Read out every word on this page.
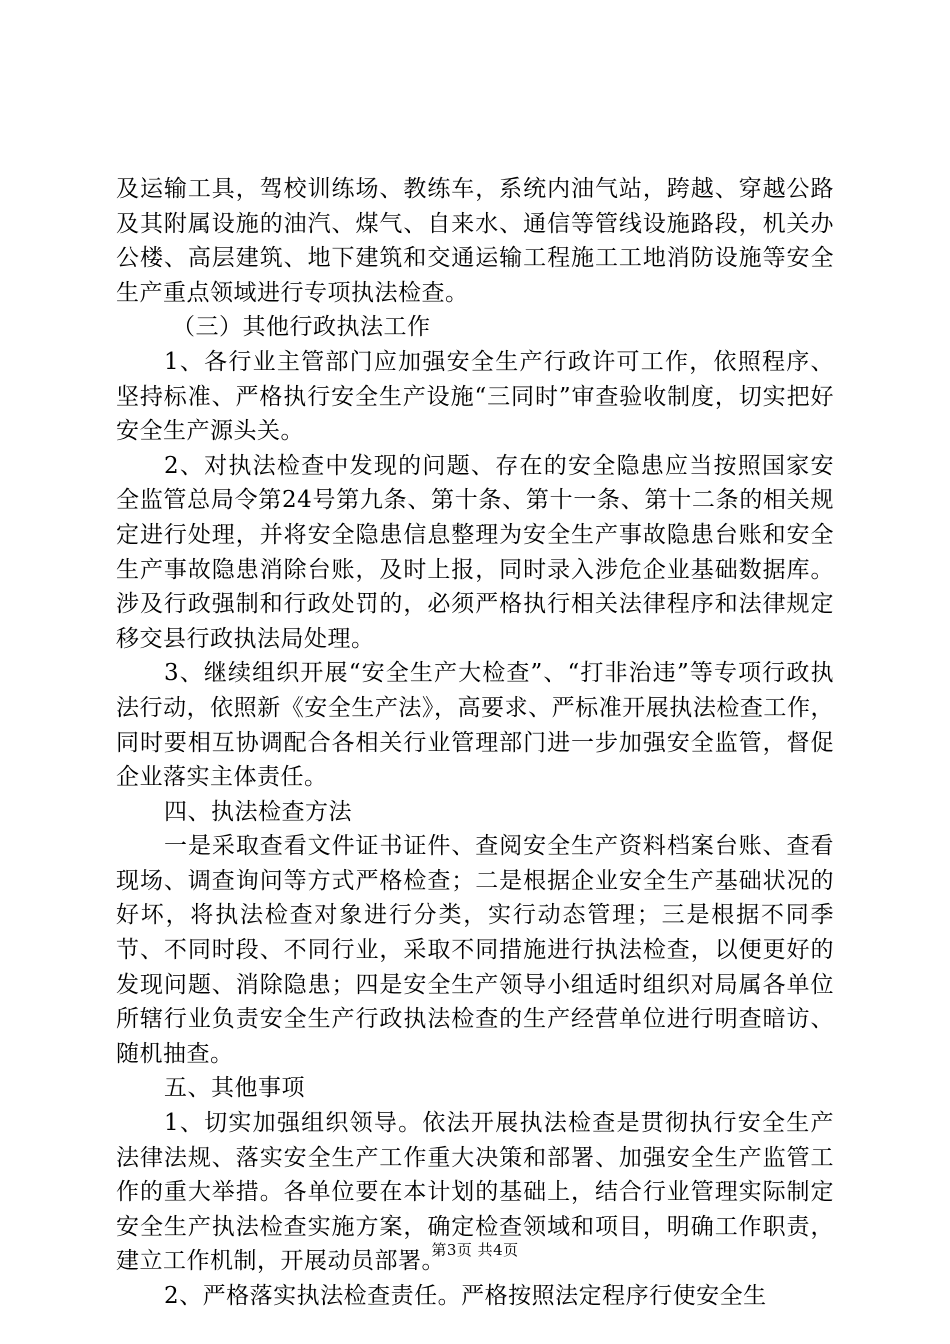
及运输工具，驾校训练场、教练车，系统内油气站，跨越、穿越公路及其附属设施的油汽、煤气、自来水、通信等管线设施路段，机关办公楼、高层建筑、地下建筑和交通运输工程施工工地消防设施等安全生产重点领域进行专项执法检查。

（三）其他行政执法工作

1、各行业主管部门应加强安全生产行政许可工作，依照程序、坚持标准、严格执行安全生产设施“三同时”审查验收制度，切实把好安全生产源头关。

2、对执法检查中发现的问题、存在的安全隐患应当按照国家安全监管总局令第24号第九条、第十条、第十一条、第十二条的相关规定进行处理，并将安全隐患信息整理为安全生产事故隐患台账和安全生产事故隐患消除台账，及时上报，同时录入涉危企业基础数据库。涉及行政强制和行政处罚的，必须严格执行相关法律程序和法律规定移交县行政执法局处理。

3、继续组织开展“安全生产大检查”、“打非治违”等专项行政执法行动，依照新《安全生产法》，高要求、严标准开展执法检查工作，同时要相互协调配合各相关行业管理部门进一步加强安全监管，督促企业落实主体责任。

四、执法检查方法

一是采取查看文件证书证件、查阅安全生产资料档案台账、查看现场、调查询问等方式严格检查；二是根据企业安全生产基础状况的好坏，将执法检查对象进行分类，实行动态管理；三是根据不同季节、不同时段、不同行业，采取不同措施进行执法检查，以便更好的发现问题、消除隐患；四是安全生产领导小组适时组织对局属各单位所辖行业负责安全生产行政执法检查的生产经营单位进行明查暗访、随机抽查。

五、其他事项

1、切实加强组织领导。依法开展执法检查是贯彻执行安全生产法律法规、落实安全生产工作重大决策和部署、加强安全生产监管工作的重大举措。各单位要在本计划的基础上，结合行业管理实际制定安全生产执法检查实施方案，确定检查领域和项目，明确工作职责，建立工作机制，开展动员部署。

2、严格落实执法检查责任。严格按照法定程序行使安全生

第3页 共4页
